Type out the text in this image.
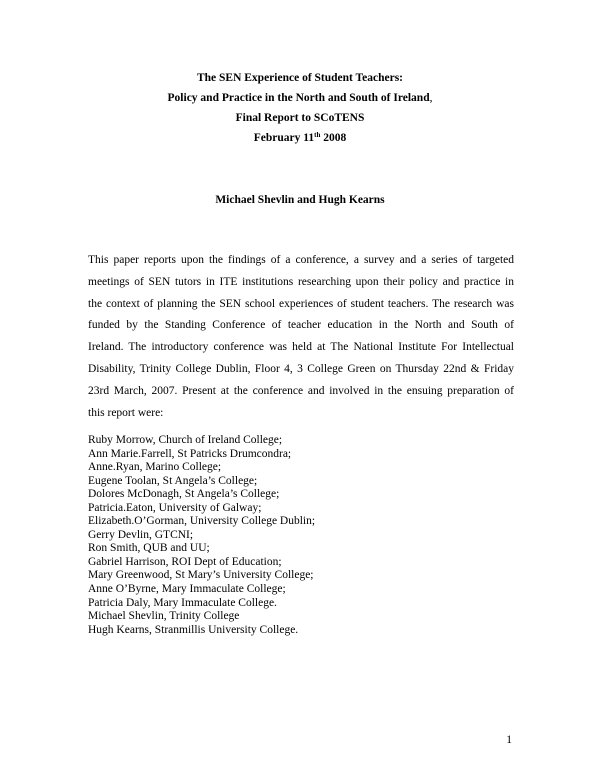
The SEN Experience of Student Teachers:
Policy and Practice in the North and South of Ireland,
Final Report to SCoTENS
February 11th 2008
Michael Shevlin and Hugh Kearns
This paper reports upon the findings of a conference, a survey and a series of targeted
meetings of SEN tutors in ITE institutions researching upon their policy and practice in
the context of planning the SEN school experiences of student teachers. The research was
funded by the Standing Conference of teacher education in the North and South of
Ireland. The introductory conference was held at The National Institute For Intellectual
Disability, Trinity College Dublin, Floor 4, 3 College Green on Thursday 22nd & Friday
23rd March, 2007. Present at the conference and involved in the ensuing preparation of
this report were:
Ruby Morrow, Church of Ireland College;
Ann Marie.Farrell, St Patricks Drumcondra;
Anne.Ryan, Marino College;
Eugene Toolan, St Angela’s College;
Dolores McDonagh, St Angela’s College;
Patricia.Eaton, University of Galway;
Elizabeth.O’Gorman, University College Dublin;
Gerry Devlin, GTCNI;
Ron Smith, QUB and UU;
Gabriel Harrison, ROI Dept of Education;
Mary Greenwood, St Mary’s University College;
Anne O’Byrne, Mary Immaculate College;
Patricia Daly, Mary Immaculate College.
Michael Shevlin, Trinity College
Hugh Kearns, Stranmillis University College.
1
